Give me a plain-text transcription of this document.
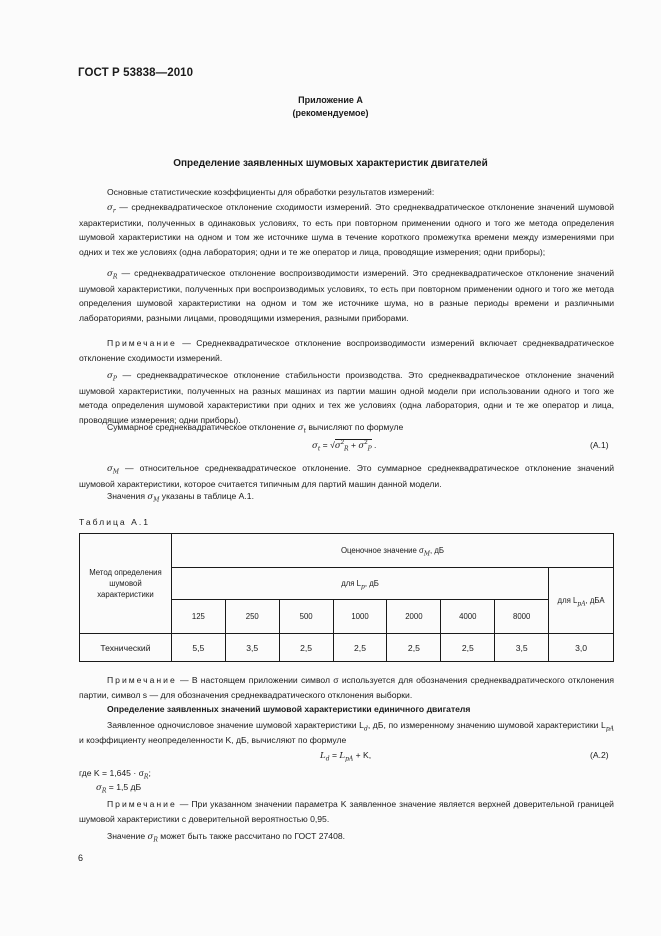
ГОСТ Р 53838—2010
Приложение А
(рекомендуемое)
Определение заявленных шумовых характеристик двигателей

Основные статистические коэффициенты для обработки результатов измерений:

$\sigma_r$ — среднеквадратическое отклонение сходимости измерений. Это среднеквадратическое отклонение значений шумовой характеристики, полученных в одинаковых условиях, то есть при повторном применении одного и того же метода определения шумовой характеристики на одном и том же источнике шума в течение короткого промежутка времени между измерениями при одних и тех же условиях (одна лаборатория; одни и те же оператор и лица, проводящие измерения; одни приборы);

$\sigma_R$ — среднеквадратическое отклонение воспроизводимости измерений. Это среднеквадратическое отклонение значений шумовой характеристики, полученных при воспроизводимых условиях, то есть при повторном применении одного и того же метода определения шумовой характеристики на одном и том же источнике шума, но в разные периоды времени и различными лабораториями, разными лицами, проводящими измерения, разными приборами.

Примечание — Среднеквадратическое отклонение воспроизводимости измерений включает среднеквадратическое отклонение сходимости измерений.

$\sigma_P$ — среднеквадратическое отклонение стабильности производства. Это среднеквадратическое отклонение значений шумовой характеристики, полученных на разных машинах из партии машин одной модели при использовании одного и того же метода определения шумовой характеристики при одних и тех же условиях (одна лаборатория, одни и те же оператор и лица, проводящие измерения; одни приборы).

Суммарное среднеквадратическое отклонение $\sigma_t$ вычисляют по формуле

$\sigma_t = √\sigma^2_R + \sigma^2_P$ .	(А.1)

$\sigma_M$ — относительное среднеквадратическое отклонение. Это суммарное среднеквадратическое отклонение значений шумовой характеристики, которое считается типичным для партий машин данной модели.

Значения $\sigma_M$ указаны в таблице А.1.

Таблица А.1
Метод определения шумовой характеристики	Оценочное значение $\sigma_M$, дБ							
	для $L_p$, дБ							для $L_{pA}$, дБА
	125	250	500	1000	2000	4000	8000	
Технический	5,5	3,5	2,5	2,5	2,5	2,5	3,5	3,0

Примечание — В настоящем приложении символ σ используется для обозначения среднеквадратического отклонения партии, символ s — для обозначения среднеквадратического отклонения выборки.

Определение заявленных значений шумовой характеристики единичного двигателя

Заявленное одночисловое значение шумовой характеристики $L_d$, дБ, по измеренному значению шумовой характеристики $L_{pA}$ и коэффициенту неопределенности K, дБ, вычисляют по формуле

$L_d = L_{pA} + K$,	(А.2)
где $K = 1,645 \cdot \sigma_R$;
$\sigma_R = 1,5$ дБ

Примечание — При указанном значении параметра K заявленное значение является верхней доверительной границей шумовой характеристики с доверительной вероятностью 0,95.

Значение $\sigma_R$ может быть также рассчитано по ГОСТ 27408.

6
